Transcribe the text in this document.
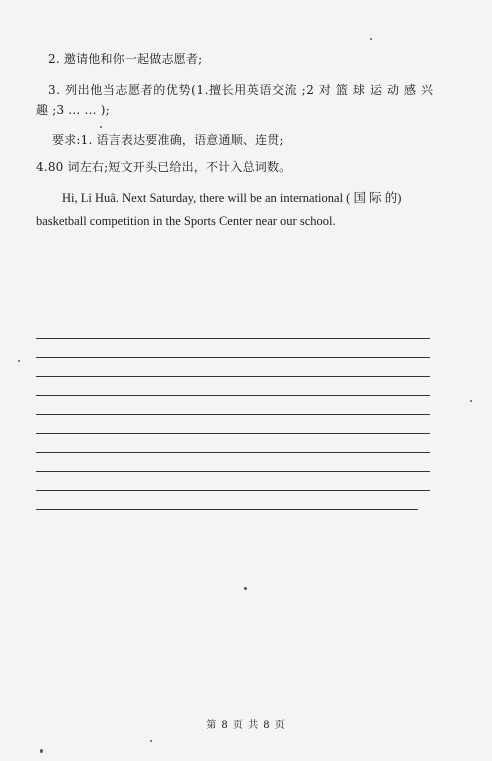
2. 邀请他和你一起做志愿者;
3. 列出他当志愿者的优势(1.擅长用英语交流 ;2 对 篮 球 运 动 感 兴
趣 ;3 … … );
要求:1. 语言表达要准确，语意通顺、连贯;
4.80 词左右;短文开头已给出，不计入总词数。
Hi, Li Huâ. Next Saturday, there will be an international ( 国 际 的) basketball competition in the Sports Center near our school.
第 8 页 共 8 页
